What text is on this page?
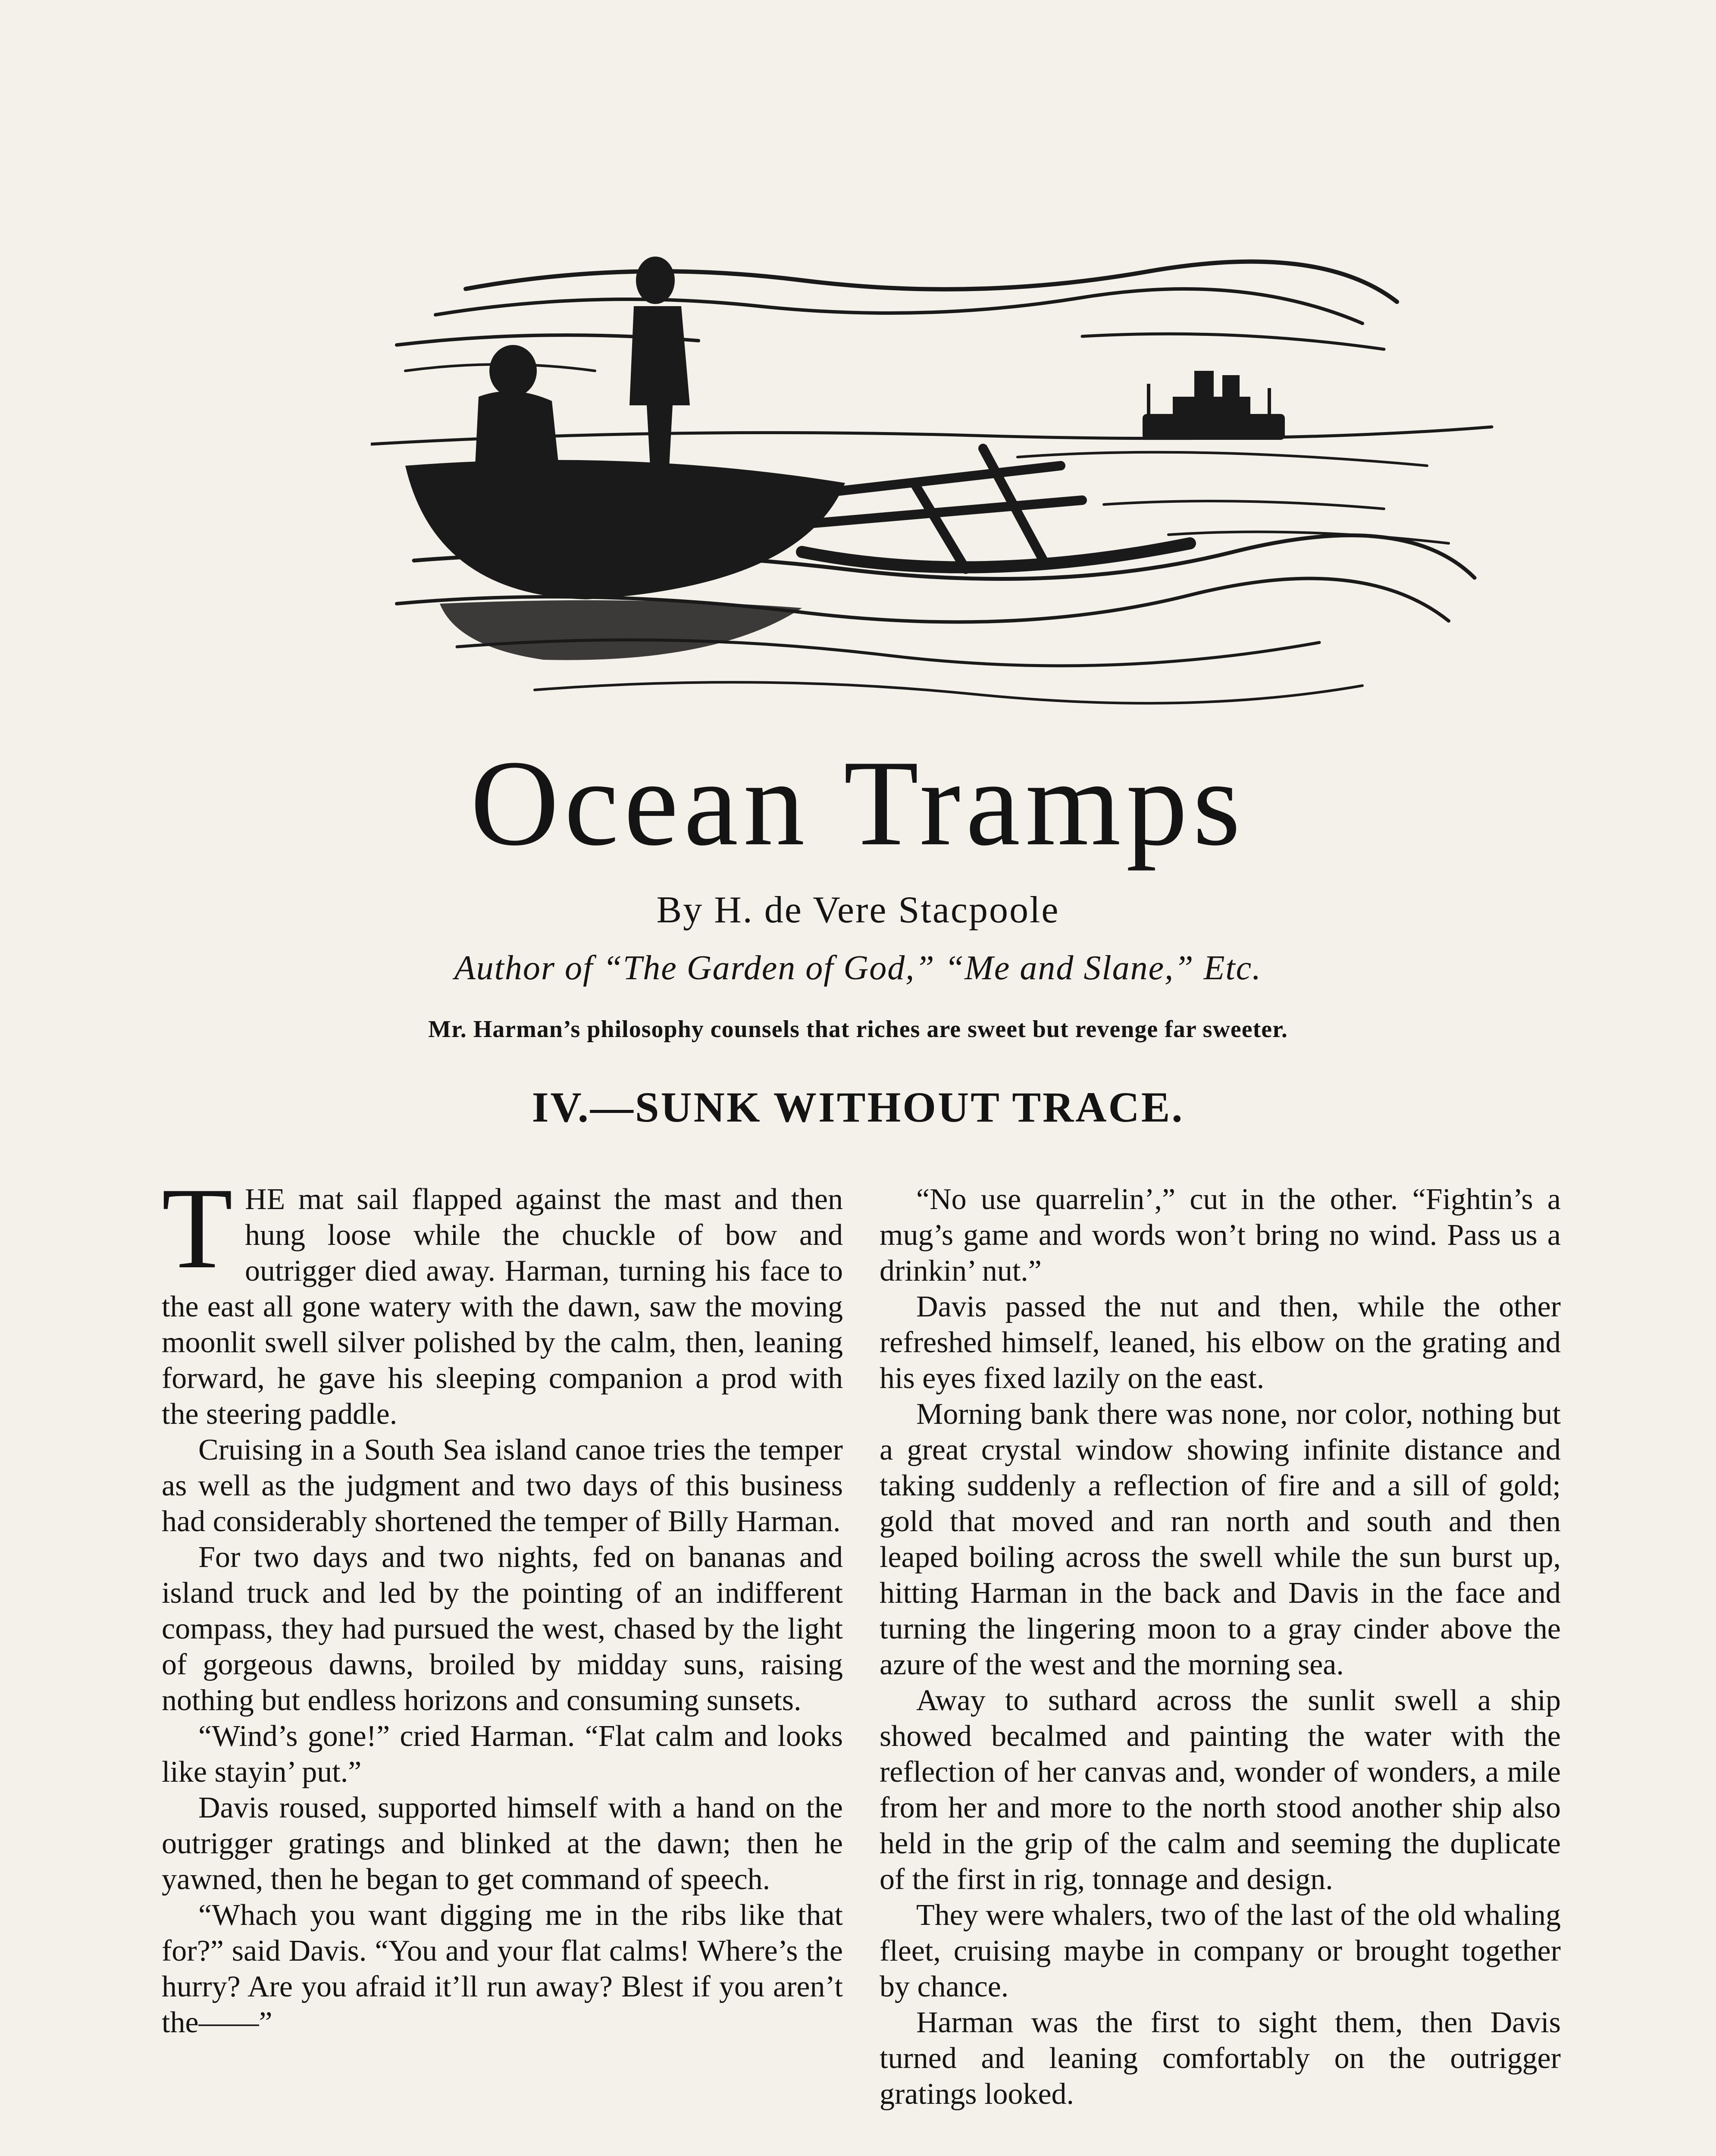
Ocean Tramps
By H. de Vere Stacpoole
Author of “The Garden of God,” “Me and Slane,” Etc.
Mr. Harman’s philosophy counsels that riches are sweet but revenge far sweeter.
IV.—SUNK WITHOUT TRACE.

THE mat sail flapped against the mast and then hung loose while the chuckle of bow and outrigger died away. Harman, turning his face to the east all gone watery with the dawn, saw the moving moonlit swell silver polished by the calm, then, leaning forward, he gave his sleeping companion a prod with the steering paddle.

Cruising in a South Sea island canoe tries the temper as well as the judgment and two days of this business had considerably shortened the temper of Billy Harman.

For two days and two nights, fed on bananas and island truck and led by the pointing of an indifferent compass, they had pursued the west, chased by the light of gorgeous dawns, broiled by midday suns, raising nothing but endless horizons and consuming sunsets.

“Wind’s gone!” cried Harman. “Flat calm and looks like stayin’ put.”

Davis roused, supported himself with a hand on the outrigger gratings and blinked at the dawn; then he yawned, then he began to get command of speech.

“Whach you want digging me in the ribs like that for?” said Davis. “You and your flat calms! Where’s the hurry? Are you afraid it’ll run away? Blest if you aren’t the——”

“No use quarrelin’,” cut in the other. “Fightin’s a mug’s game and words won’t bring no wind. Pass us a drinkin’ nut.”

Davis passed the nut and then, while the other refreshed himself, leaned, his elbow on the grating and his eyes fixed lazily on the east.

Morning bank there was none, nor color, nothing but a great crystal window showing infinite distance and taking suddenly a reflection of fire and a sill of gold; gold that moved and ran north and south and then leaped boiling across the swell while the sun burst up, hitting Harman in the back and Davis in the face and turning the lingering moon to a gray cinder above the azure of the west and the morning sea.

Away to suthard across the sunlit swell a ship showed becalmed and painting the water with the reflection of her canvas and, wonder of wonders, a mile from her and more to the north stood another ship also held in the grip of the calm and seeming the duplicate of the first in rig, tonnage and design.

They were whalers, two of the last of the old whaling fleet, cruising maybe in company or brought together by chance.

Harman was the first to sight them, then Davis turned and leaning comfortably on the outrigger gratings looked.
